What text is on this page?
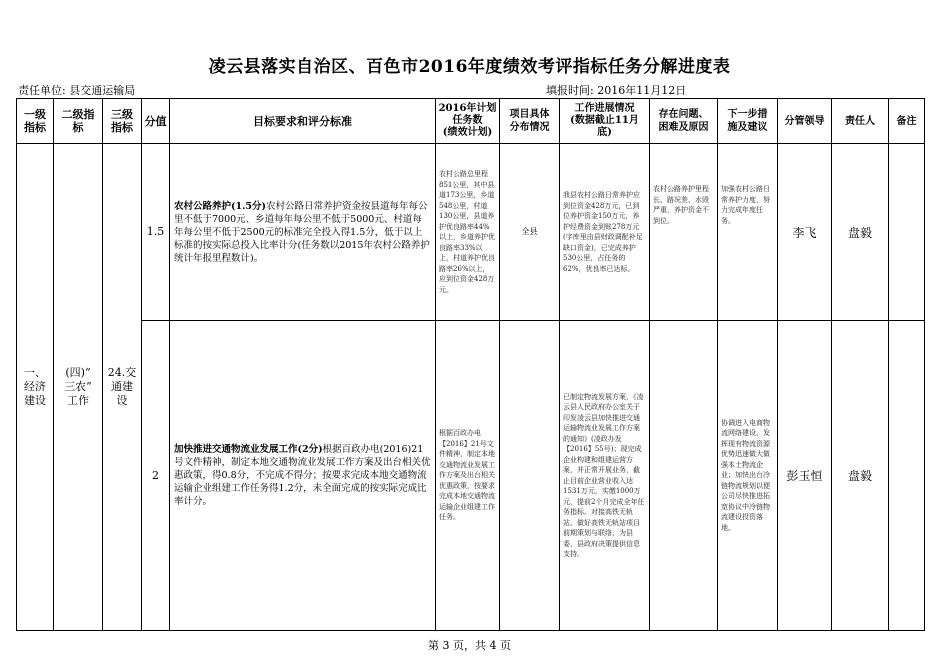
凌云县落实自治区、百色市2016年度绩效考评指标任务分解进度表
责任单位: 县交通运输局	填报时间: 2016年11月12日
一级
指标	二级指
标	三级
指标	分值	目标要求和评分标准	2016年计划
任务数
(绩效计划)	项目具体
分布情况	工作进展情况
(数据截止11月
底)	存在问题、
困难及原因	下一步措
施及建议	分管领导	责任人	备注
一、
经济
建设	(四)“
三农”
工作	24.交
通建
设	1.5	农村公路养护(1.5分)农村公路日常养护资金按县道每年每公里不低于7000元、乡道每年每公里不低于5000元、村道每年每公里不低于2500元的标准完全投入得1.5分，低于以上标准的按实际总投入比率计分(任务数以2015年农村公路养护统计年报里程数计)。	农村公路总里程851公里，其中县道173公里，乡道548公里，村道130公里，县道养护优良路率44%以上，乡道养护优良路率33%以上，村道养护优良路率26%以上，应到位资金428万元。	全县	我县农村公路日常养护应到位资金428万元，已到位养护资金150万元，养护经费资金到账278万元(字库里由县财政调配补足缺口资金)，已完成养护530公里，占任务的62%，优良率已达标。	农村公路养护里程长、路况差、水毁严重，养护资金不到位。	加强农村公路日常养护力度，努力完成年度任务。	李飞	盘毅	
			2	加快推进交通物流业发展工作(2分)根据百政办电(2016)21号文件精神，制定本地交通物流业发展工作方案及出台相关优惠政策，得0.8分，不完成不得分；按要求完成本地交通物流运输企业组建工作任务得1.2分，未全面完成的按实际完成比率计分。	根据百政办电【2016】21号文件精神，制定本地交通物流业发展工作方案及出台相关优惠政策，按要求完成本地交通物流运输企业组建工作任务。		已制定物流发展方案，《凌云县人民政府办公室关于印发凌云县加快推进交通运输物流业发展工作方案的通知》(凌政办发【2016】55号)；现完成企业构建和组建运营方案，并正常开展业务，截止目前企业营业收入达1531万元，实缴1000万元，提前2个月完成全年任务指标。对接高铁无轨站、做好高铁无轨站项目前期策划与联络，为县委、县政府决策提供信息支持。		协调进入电商物流网络建设，发挥现有物流资源优势迅速做大做强本土物流企业；加快出台冷链物流规划以便公司尽快推进拓宽协议中冷链物流建设投资落地。	彭玉恒	盘毅	
第 3 页，共 4 页
